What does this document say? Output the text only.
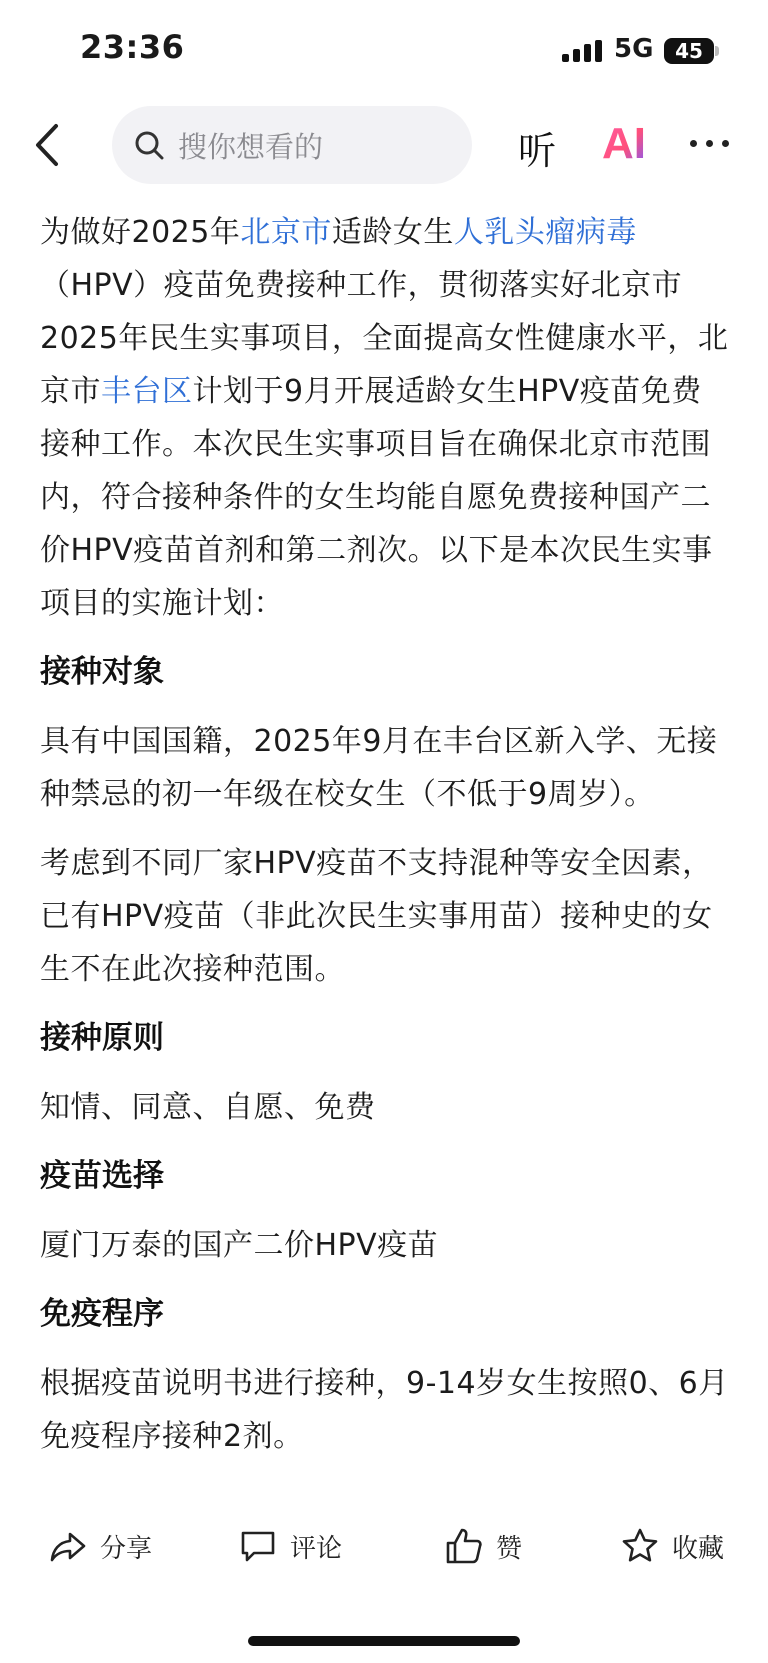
23:36	5G	45
搜你想看的	听 AI

为做好2025年北京市适龄女生人乳头瘤病毒（HPV）疫苗免费接种工作，贯彻落实好北京市2025年民生实事项目，全面提高女性健康水平，北京市丰台区计划于9月开展适龄女生HPV疫苗免费接种工作。本次民生实事项目旨在确保北京市范围内，符合接种条件的女生均能自愿免费接种国产二价HPV疫苗首剂和第二剂次。以下是本次民生实事项目的实施计划：

接种对象

具有中国国籍，2025年9月在丰台区新入学、无接种禁忌的初一年级在校女生（不低于9周岁）。

考虑到不同厂家HPV疫苗不支持混种等安全因素，已有HPV疫苗（非此次民生实事用苗）接种史的女生不在此次接种范围。

接种原则

知情、同意、自愿、免费

疫苗选择

厦门万泰的国产二价HPV疫苗

免疫程序

根据疫苗说明书进行接种，9-14岁女生按照0、6月免疫程序接种2剂。

分享	评论	赞	收藏
